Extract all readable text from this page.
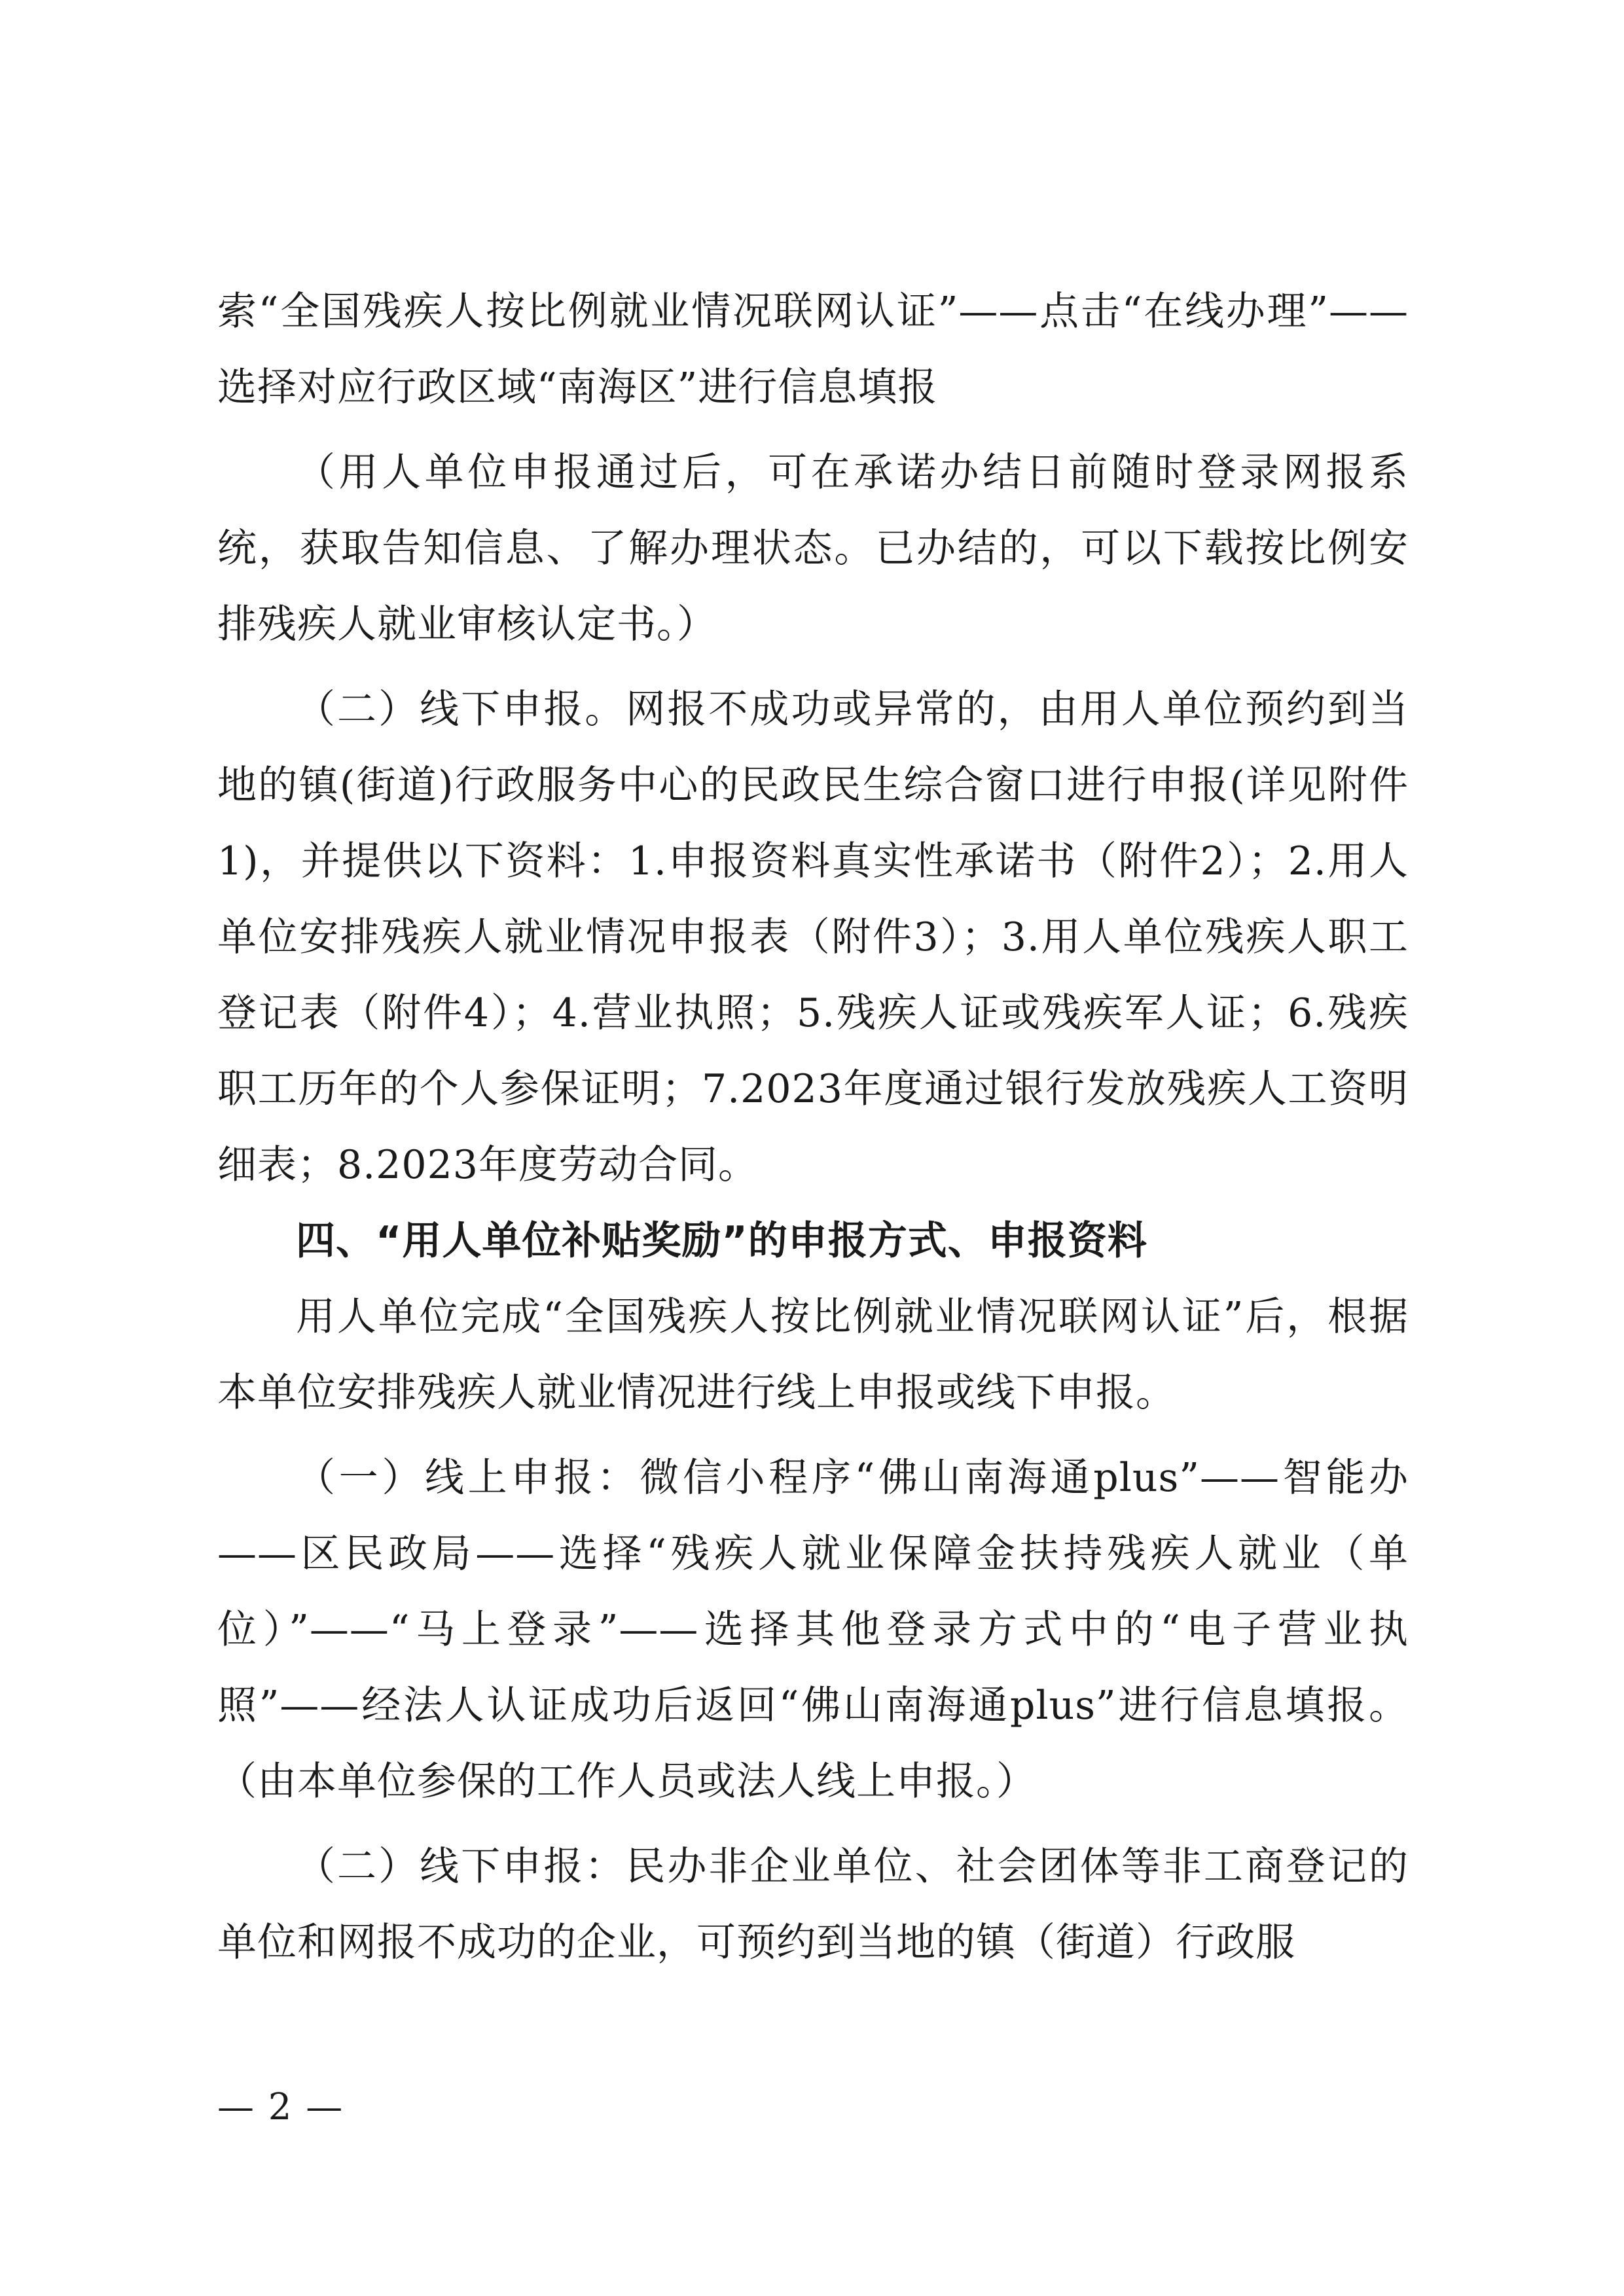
索“全国残疾人按比例就业情况联网认证”——点击“在线办理”——选择对应行政区域“南海区”进行信息填报

（用人单位申报通过后，可在承诺办结日前随时登录网报系统，获取告知信息、了解办理状态。已办结的，可以下载按比例安排残疾人就业审核认定书。）

（二）线下申报。网报不成功或异常的，由用人单位预约到当地的镇(街道)行政服务中心的民政民生综合窗口进行申报(详见附件1)，并提供以下资料：1.申报资料真实性承诺书（附件2）；2.用人单位安排残疾人就业情况申报表（附件3）；3.用人单位残疾人职工登记表（附件4）；4.营业执照；5.残疾人证或残疾军人证；6.残疾职工历年的个人参保证明；7.2023年度通过银行发放残疾人工资明细表；8.2023年度劳动合同。

四、“用人单位补贴奖励”的申报方式、申报资料

用人单位完成“全国残疾人按比例就业情况联网认证”后，根据本单位安排残疾人就业情况进行线上申报或线下申报。

（一）线上申报：微信小程序“佛山南海通plus”——智能办——区民政局——选择“残疾人就业保障金扶持残疾人就业（单位）”——“马上登录”——选择其他登录方式中的“电子营业执照”——经法人认证成功后返回“佛山南海通plus”进行信息填报。（由本单位参保的工作人员或法人线上申报。）

（二）线下申报：民办非企业单位、社会团体等非工商登记的单位和网报不成功的企业，可预约到当地的镇（街道）行政服

— 2 —
